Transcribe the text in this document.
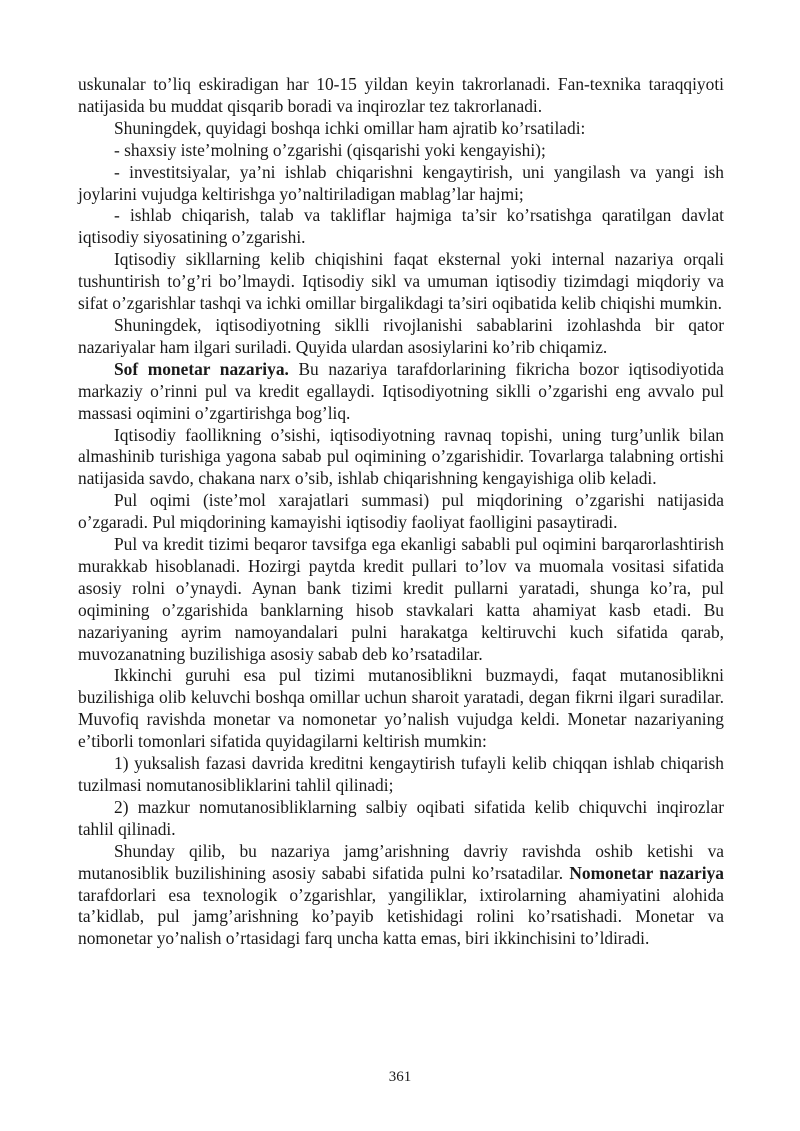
uskunalar to’liq eskiradigan har 10-15 yildan keyin takrorlanadi. Fan-texnika taraqqiyoti natijasida bu muddat qisqarib boradi va inqirozlar tez takrorlanadi.

Shuningdek, quyidagi boshqa ichki omillar ham ajratib ko’rsatiladi:

- shaxsiy iste’molning o’zgarishi (qisqarishi yoki kengayishi);

- investitsiyalar, ya’ni ishlab chiqarishni kengaytirish, uni yangilash va yangi ish joylarini vujudga keltirishga yo’naltiriladigan mablag’lar hajmi;

- ishlab chiqarish, talab va takliflar hajmiga ta’sir ko’rsatishga qaratilgan davlat iqtisodiy siyosatining o’zgarishi.

Iqtisodiy sikllarning kelib chiqishini faqat eksternal yoki internal nazariya orqali tushuntirish to’g’ri bo’lmaydi. Iqtisodiy sikl va umuman iqtisodiy tizimdagi miqdoriy va sifat o’zgarishlar tashqi va ichki omillar birgalikdagi ta’siri oqibatida kelib chiqishi mumkin.

Shuningdek, iqtisodiyotning siklli rivojlanishi sabablarini izohlashda bir qator nazariyalar ham ilgari suriladi. Quyida ulardan asosiylarini ko’rib chiqamiz.

Sof monetar nazariya. Bu nazariya tarafdorlarining fikricha bozor iqtisodiyotida markaziy o’rinni pul va kredit egallaydi. Iqtisodiyotning siklli o’zgarishi eng avvalo pul massasi oqimini o’zgartirishga bog’liq.

Iqtisodiy faollikning o’sishi, iqtisodiyotning ravnaq topishi, uning turg’unlik bilan almashinib turishiga yagona sabab pul oqimining o’zgarishidir. Tovarlarga talabning ortishi natijasida savdo, chakana narx o’sib, ishlab chiqarishning kengayishiga olib keladi.

Pul oqimi (iste’mol xarajatlari summasi) pul miqdorining o’zgarishi natijasida o’zgaradi. Pul miqdorining kamayishi iqtisodiy faoliyat faolligini pasaytiradi.

Pul va kredit tizimi beqaror tavsifga ega ekanligi sababli pul oqimini barqarorlashtirish murakkab hisoblanadi. Hozirgi paytda kredit pullari to’lov va muomala vositasi sifatida asosiy rolni o’ynaydi. Aynan bank tizimi kredit pullarni yaratadi, shunga ko’ra, pul oqimining o’zgarishida banklarning hisob stavkalari katta ahamiyat kasb etadi. Bu nazariyaning ayrim namoyandalari pulni harakatga keltiruvchi kuch sifatida qarab, muvozanatning buzilishiga asosiy sabab deb ko’rsatadilar.

Ikkinchi guruhi esa pul tizimi mutanosiblikni buzmaydi, faqat mutanosiblikni buzilishiga olib keluvchi boshqa omillar uchun sharoit yaratadi, degan fikrni ilgari suradilar. Muvofiq ravishda monetar va nomonetar yo’nalish vujudga keldi. Monetar nazariyaning e’tiborli tomonlari sifatida quyidagilarni keltirish mumkin:

1) yuksalish fazasi davrida kreditni kengaytirish tufayli kelib chiqqan ishlab chiqarish tuzilmasi nomutanosibliklarini tahlil qilinadi;

2) mazkur nomutanosibliklarning salbiy oqibati sifatida kelib chiquvchi inqirozlar tahlil qilinadi.

Shunday qilib, bu nazariya jamg’arishning davriy ravishda oshib ketishi va mutanosiblik buzilishining asosiy sababi sifatida pulni ko’rsatadilar. Nomonetar nazariya tarafdorlari esa texnologik o’zgarishlar, yangiliklar, ixtirolarning ahamiyatini alohida ta’kidlab, pul jamg’arishning ko’payib ketishidagi rolini ko’rsatishadi. Monetar va nomonetar yo’nalish o’rtasidagi farq uncha katta emas, biri ikkinchisini to’ldiradi.

361
